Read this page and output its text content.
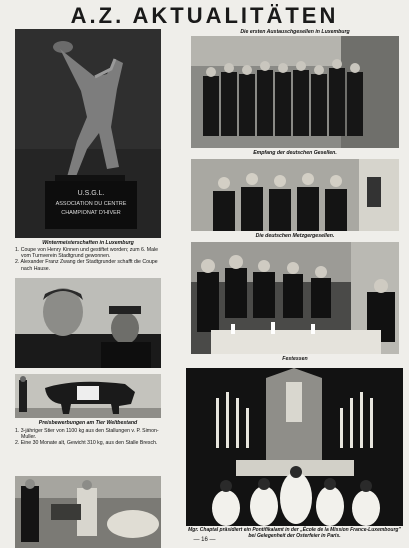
A.Z. AKTUALITÄTEN
U.S.G.L.
ASSOCIATION DU CENTRE
CHAMPIONAT D'HIVER
Wintermeisterschaften in Luxemburg
1. Coupe von Henry Kinnen und gestiftet worden; zum 6. Male
vom Turnverein Stadtgrund gewonnen.
2. Alexander Franz Zwang der Stadtgrunder schafft die Coupe
nach Hause.
Die ersten Austauschgesellen in Luxemburg
Empfang der deutschen Gesellen.
Die deutschen Metzgergesellen.
Festessen
Preisbewerbungen am Tier Weltbestand
1. 3-jähriger Stier von 1100 kg aus den Stallungen v. P. Simon-
Muller.
2. Eine 30 Monate alt, Gewicht 310 kg, aus den Stalle Bresch.
Mgr. Chaptal präsidiert ein Pontifikalamt in der „École de la Mission France-Luxembourg" bei Gelegenheit der Osterfeier in Paris.
— 16 —
